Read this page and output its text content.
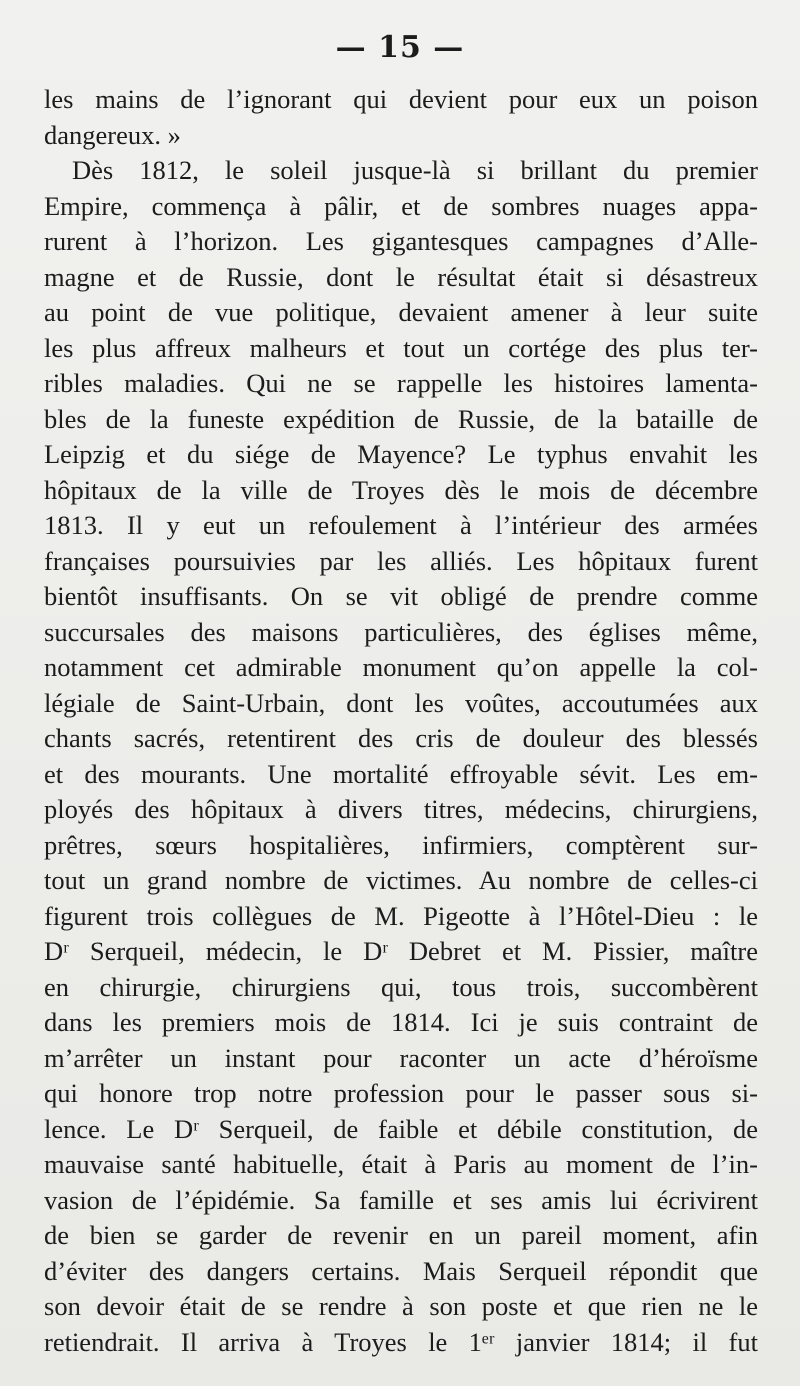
— 15 —
les mains de l’ignorant qui devient pour eux un poison
dangereux. »
Dès 1812, le soleil jusque-là si brillant du premier
Empire, commença à pâlir, et de sombres nuages appa-
rurent à l’horizon. Les gigantesques campagnes d’Alle-
magne et de Russie, dont le résultat était si désastreux
au point de vue politique, devaient amener à leur suite
les plus affreux malheurs et tout un cortége des plus ter-
ribles maladies. Qui ne se rappelle les histoires lamenta-
bles de la funeste expédition de Russie, de la bataille de
Leipzig et du siége de Mayence? Le typhus envahit les
hôpitaux de la ville de Troyes dès le mois de décembre
1813. Il y eut un refoulement à l’intérieur des armées
françaises poursuivies par les alliés. Les hôpitaux furent
bientôt insuffisants. On se vit obligé de prendre comme
succursales des maisons particulières, des églises même,
notamment cet admirable monument qu’on appelle la col-
légiale de Saint-Urbain, dont les voûtes, accoutumées aux
chants sacrés, retentirent des cris de douleur des blessés
et des mourants. Une mortalité effroyable sévit. Les em-
ployés des hôpitaux à divers titres, médecins, chirurgiens,
prêtres, sœurs hospitalières, infirmiers, comptèrent sur-
tout un grand nombre de victimes. Au nombre de celles-ci
figurent trois collègues de M. Pigeotte à l’Hôtel-Dieu : le
Dʳ Serqueil, médecin, le Dʳ Debret et M. Pissier, maître
en chirurgie, chirurgiens qui, tous trois, succombèrent
dans les premiers mois de 1814. Ici je suis contraint de
m’arrêter un instant pour raconter un acte d’héroïsme
qui honore trop notre profession pour le passer sous si-
lence. Le Dʳ Serqueil, de faible et débile constitution, de
mauvaise santé habituelle, était à Paris au moment de l’in-
vasion de l’épidémie. Sa famille et ses amis lui écrivirent
de bien se garder de revenir en un pareil moment, afin
d’éviter des dangers certains. Mais Serqueil répondit que
son devoir était de se rendre à son poste et que rien ne le
retiendrait. Il arriva à Troyes le 1ᵉʳ janvier 1814; il fut
